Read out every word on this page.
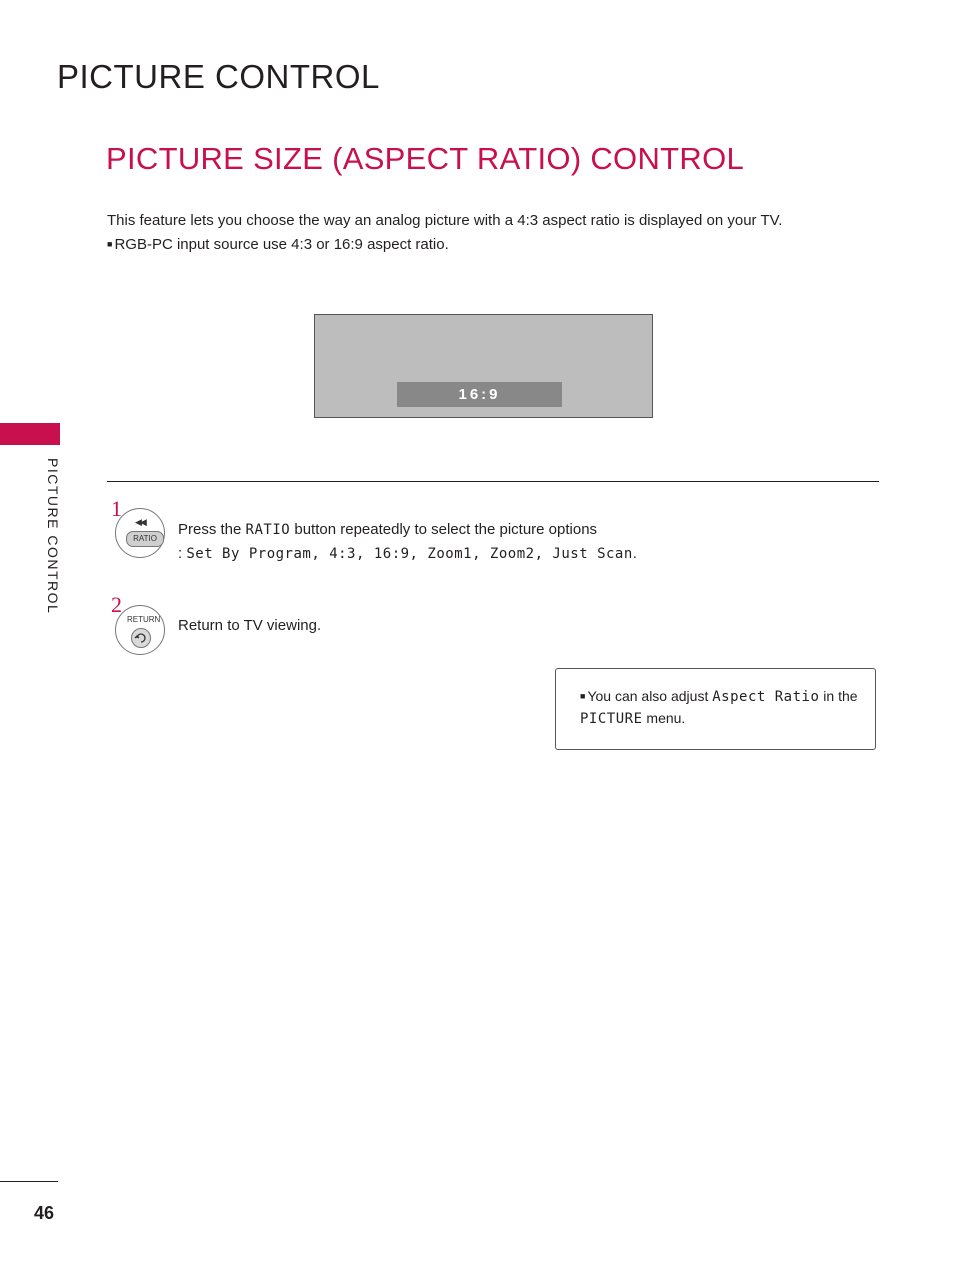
PICTURE CONTROL
PICTURE SIZE (ASPECT RATIO) CONTROL
This feature lets you choose the way an analog picture with a 4:3 aspect ratio is displayed on your TV.
■ RGB-PC input source use 4:3 or 16:9 aspect ratio.
PICTURE CONTROL
16:9
1
◀◀
RATIO
Press the RATIO button repeatedly to select the picture options
: Set By Program, 4:3, 16:9, Zoom1, Zoom2, Just Scan.
2
RETURN Return to TV viewing.
■ You can also adjust Aspect Ratio in the PICTURE menu.
46
